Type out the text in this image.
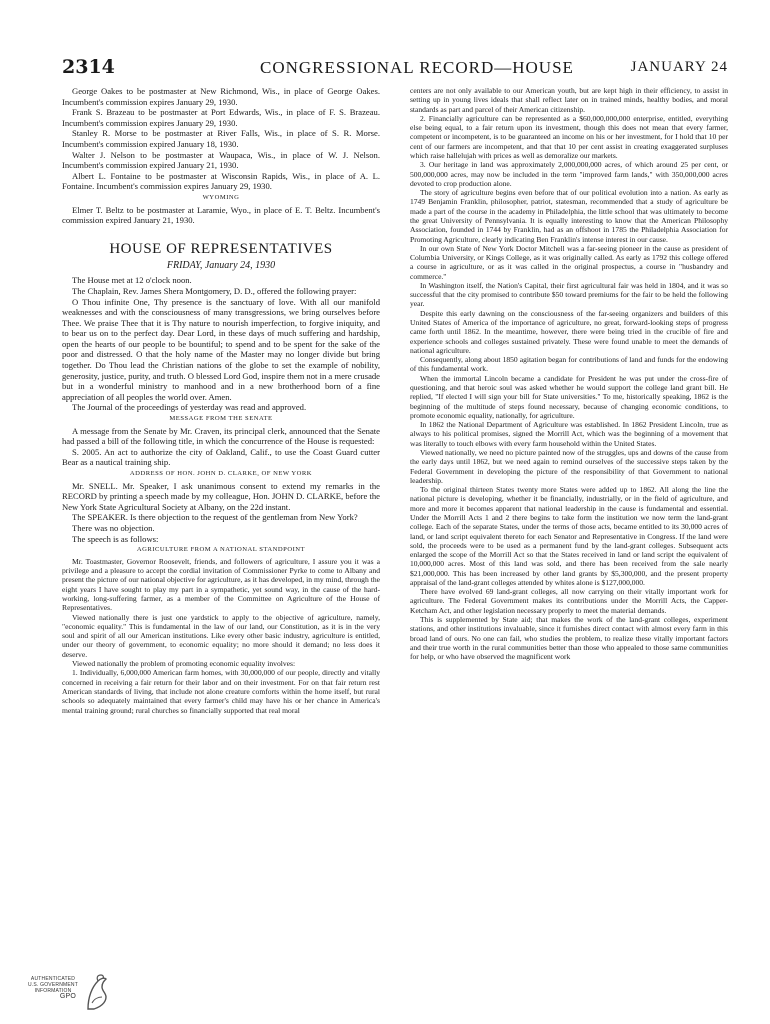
2314	CONGRESSIONAL RECORD—HOUSE	JANUARY 24

George Oakes to be postmaster at New Richmond, Wis., in place of George Oakes. Incumbent's commission expires January 29, 1930.

Frank S. Brazeau to be postmaster at Port Edwards, Wis., in place of F. S. Brazeau. Incumbent's commission expires January 29, 1930.

Stanley R. Morse to be postmaster at River Falls, Wis., in place of S. R. Morse. Incumbent's commission expired January 18, 1930.

Walter J. Nelson to be postmaster at Waupaca, Wis., in place of W. J. Nelson. Incumbent's commission expired January 21, 1930.

Albert L. Fontaine to be postmaster at Wisconsin Rapids, Wis., in place of A. L. Fontaine. Incumbent's commission expires January 29, 1930.

WYOMING

Elmer T. Beltz to be postmaster at Laramie, Wyo., in place of E. T. Beltz. Incumbent's commission expired January 21, 1930.

HOUSE OF REPRESENTATIVES
FRIDAY, January 24, 1930

The House met at 12 o'clock noon.

The Chaplain, Rev. James Shera Montgomery, D. D., offered the following prayer:

O Thou infinite One, Thy presence is the sanctuary of love. With all our manifold weaknesses and with the consciousness of many transgressions, we bring ourselves before Thee. We praise Thee that it is Thy nature to nourish imperfection, to forgive iniquity, and to bear us on to the perfect day. Dear Lord, in these days of much suffering and hardship, open the hearts of our people to be bountiful; to spend and to be spent for the sake of the poor and distressed. O that the holy name of the Master may no longer divide but bring together. Do Thou lead the Christian nations of the globe to set the example of nobility, generosity, justice, purity, and truth. O blessed Lord God, inspire them not in a mere crusade but in a wonderful ministry to manhood and in a new brotherhood born of a fine appreciation of all peoples the world over. Amen.

The Journal of the proceedings of yesterday was read and approved.

MESSAGE FROM THE SENATE

A message from the Senate by Mr. Craven, its principal clerk, announced that the Senate had passed a bill of the following title, in which the concurrence of the House is requested:

S. 2005. An act to authorize the city of Oakland, Calif., to use the Coast Guard cutter Bear as a nautical training ship.

ADDRESS OF HON. JOHN D. CLARKE, OF NEW YORK

Mr. SNELL. Mr. Speaker, I ask unanimous consent to extend my remarks in the RECORD by printing a speech made by my colleague, Hon. JOHN D. CLARKE, before the New York State Agricultural Society at Albany, on the 22d instant.

The SPEAKER. Is there objection to the request of the gentleman from New York?

There was no objection.

The speech is as follows:

AGRICULTURE FROM A NATIONAL STANDPOINT

Mr. Toastmaster, Governor Roosevelt, friends, and followers of agriculture, I assure you it was a privilege and a pleasure to accept the cordial invitation of Commissioner Pyrke to come to Albany and present the picture of our national objective for agriculture, as it has developed, in my mind, through the eight years I have sought to play my part in a sympathetic, yet sound way, in the cause of the hard-working, long-suffering farmer, as a member of the Committee on Agriculture of the House of Representatives.

Viewed nationally there is just one yardstick to apply to the objective of agriculture, namely, "economic equality." This is fundamental in the law of our land, our Constitution, as it is in the very soul and spirit of all our American institutions. Like every other basic industry, agriculture is entitled, under our theory of government, to economic equality; no more should it demand; no less does it deserve.

Viewed nationally the problem of promoting economic equality involves:

1. Individually, 6,000,000 American farm homes, with 30,000,000 of our people, directly and vitally concerned in receiving a fair return for their labor and on their investment. For on that fair return rest American standards of living, that include not alone creature comforts within the home itself, but rural schools so adequately maintained that every farmer's child may have his or her chance in America's mental training ground; rural churches so financially supported that real moral

centers are not only available to our American youth, but are kept high in their efficiency, to assist in setting up in young lives ideals that shall reflect later on in trained minds, healthy bodies, and moral standards as part and parcel of their American citizenship.

2. Financially agriculture can be represented as a $60,000,000,000 enterprise, entitled, everything else being equal, to a fair return upon its investment, though this does not mean that every farmer, competent or incompetent, is to be guaranteed an income on his or her investment, for I hold that 10 per cent of our farmers are incompetent, and that that 10 per cent assist in creating exaggerated surpluses which raise hallelujah with prices as well as demoralize our markets.

3. Our heritage in land was approximately 2,000,000,000 acres, of which around 25 per cent, or 500,000,000 acres, may now be included in the term "improved farm lands," with 350,000,000 acres devoted to crop production alone.

The story of agriculture begins even before that of our political evolution into a nation. As early as 1749 Benjamin Franklin, philosopher, patriot, statesman, recommended that a study of agriculture be made a part of the course in the academy in Philadelphia, the little school that was ultimately to become the great University of Pennsylvania. It is equally interesting to know that the American Philosophy Association, founded in 1744 by Franklin, had as an offshoot in 1785 the Philadelphia Association for Promoting Agriculture, clearly indicating Ben Franklin's intense interest in our cause.

In our own State of New York Doctor Mitchell was a far-seeing pioneer in the cause as president of Columbia University, or Kings College, as it was originally called. As early as 1792 this college offered a course in agriculture, or as it was called in the original prospectus, a course in "husbandry and commerce."

In Washington itself, the Nation's Capital, their first agricultural fair was held in 1804, and it was so successful that the city promised to contribute $50 toward premiums for the fair to be held the following year.

Despite this early dawning on the consciousness of the far-seeing organizers and builders of this United States of America of the importance of agriculture, no great, forward-looking steps of progress came forth until 1862. In the meantime, however, there were being tried in the crucible of fire and experience schools and colleges sustained privately. These were found unable to meet the demands of national agriculture.

Consequently, along about 1850 agitation began for contributions of land and funds for the endowing of this fundamental work.

When the immortal Lincoln became a candidate for President he was put under the cross-fire of questioning, and that heroic soul was asked whether he would support the college land grant bill. He replied, "If elected I will sign your bill for State universities." To me, historically speaking, 1862 is the beginning of the multitude of steps found necessary, because of changing economic conditions, to promote economic equality, nationally, for agriculture.

In 1862 the National Department of Agriculture was established. In 1862 President Lincoln, true as always to his political promises, signed the Morrill Act, which was the beginning of a movement that was literally to touch elbows with every farm household within the United States.

Viewed nationally, we need no picture painted now of the struggles, ups and downs of the cause from the early days until 1862, but we need again to remind ourselves of the successive steps taken by the Federal Government in developing the picture of the responsibility of that Government to national leadership.

To the original thirteen States twenty more States were added up to 1862. All along the line the national picture is developing, whether it be financially, industrially, or in the field of agriculture, and more and more it becomes apparent that national leadership in the cause is fundamental and essential. Under the Morrill Acts 1 and 2 there begins to take form the institution we now term the land-grant college. Each of the separate States, under the terms of those acts, became entitled to its 30,000 acres of land, or land script equivalent thereto for each Senator and Representative in Congress. If the land were sold, the proceeds were to be used as a permanent fund by the land-grant colleges. Subsequent acts enlarged the scope of the Morrill Act so that the States received in land or land script the equivalent of 10,000,000 acres. Most of this land was sold, and there has been received from the sale nearly $21,000,000. This has been increased by other land grants by $5,300,000, and the present property appraisal of the land-grant colleges attended by whites alone is $127,000,000.

There have evolved 69 land-grant colleges, all now carrying on their vitally important work for agriculture. The Federal Government makes its contributions under the Morrill Acts, the Capper-Ketcham Act, and other legislation necessary properly to meet the material demands.

This is supplemented by State aid; that makes the work of the land-grant colleges, experiment stations, and other institutions invaluable, since it furnishes direct contact with almost every farm in this broad land of ours. No one can fail, who studies the problem, to realize these vitally important factors and their true worth in the rural communities better than those who appealed to those same communities for help, or who have observed the magnificent work

AUTHENTICATED
U.S. GOVERNMENT
INFORMATION
GPO
